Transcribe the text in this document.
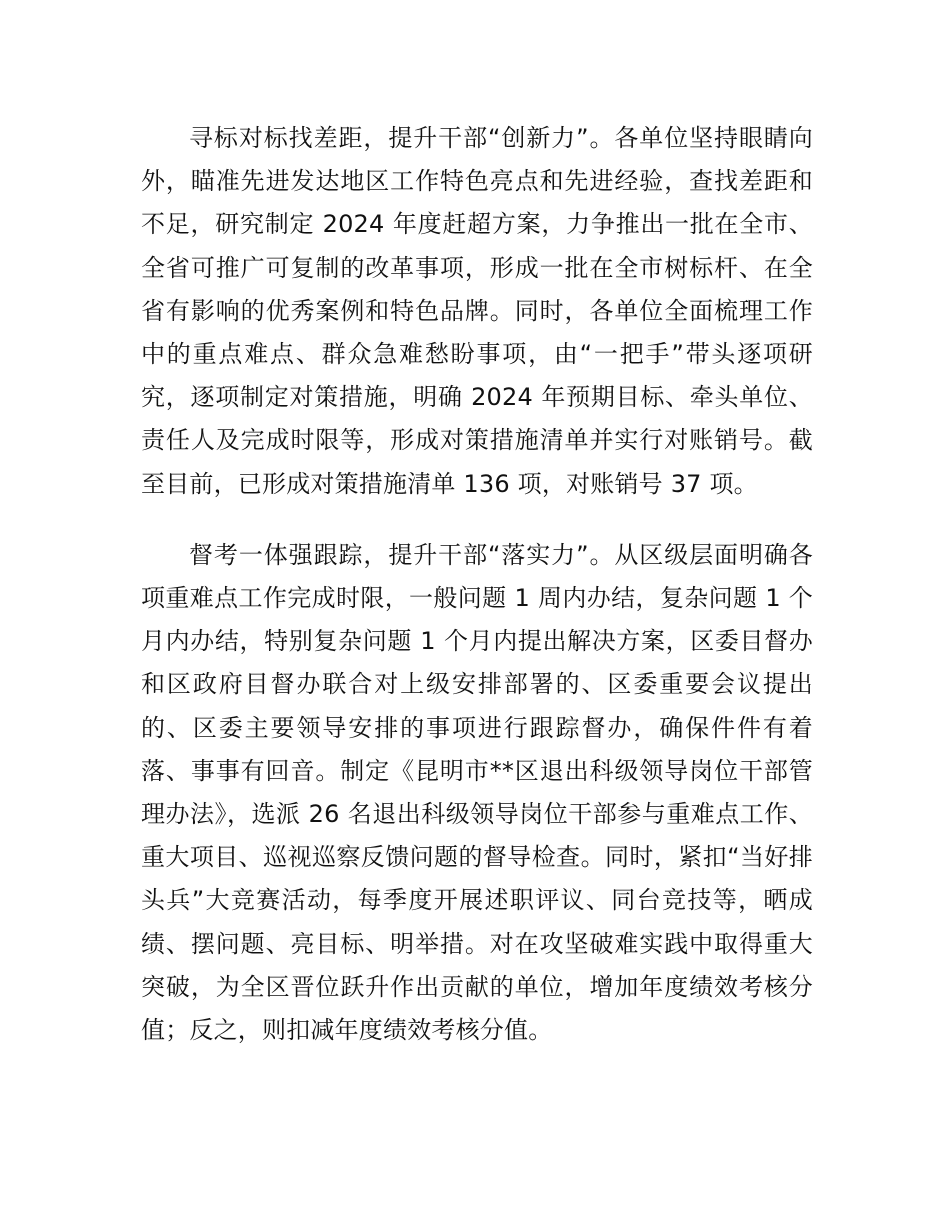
寻标对标找差距，提升干部“创新力”。各单位坚持眼睛向外，瞄准先进发达地区工作特色亮点和先进经验，查找差距和不足，研究制定 2024 年度赶超方案，力争推出一批在全市、全省可推广可复制的改革事项，形成一批在全市树标杆、在全省有影响的优秀案例和特色品牌。同时，各单位全面梳理工作中的重点难点、群众急难愁盼事项，由“一把手”带头逐项研究，逐项制定对策措施，明确 2024 年预期目标、牵头单位、责任人及完成时限等，形成对策措施清单并实行对账销号。截至目前，已形成对策措施清单 136 项，对账销号 37 项。

督考一体强跟踪，提升干部“落实力”。从区级层面明确各项重难点工作完成时限，一般问题 1 周内办结，复杂问题 1 个月内办结，特别复杂问题 1 个月内提出解决方案，区委目督办和区政府目督办联合对上级安排部署的、区委重要会议提出的、区委主要领导安排的事项进行跟踪督办，确保件件有着落、事事有回音。制定《昆明市**区退出科级领导岗位干部管理办法》，选派 26 名退出科级领导岗位干部参与重难点工作、重大项目、巡视巡察反馈问题的督导检查。同时，紧扣“当好排头兵”大竞赛活动，每季度开展述职评议、同台竞技等，晒成绩、摆问题、亮目标、明举措。对在攻坚破难实践中取得重大突破，为全区晋位跃升作出贡献的单位，增加年度绩效考核分值；反之，则扣减年度绩效考核分值。
